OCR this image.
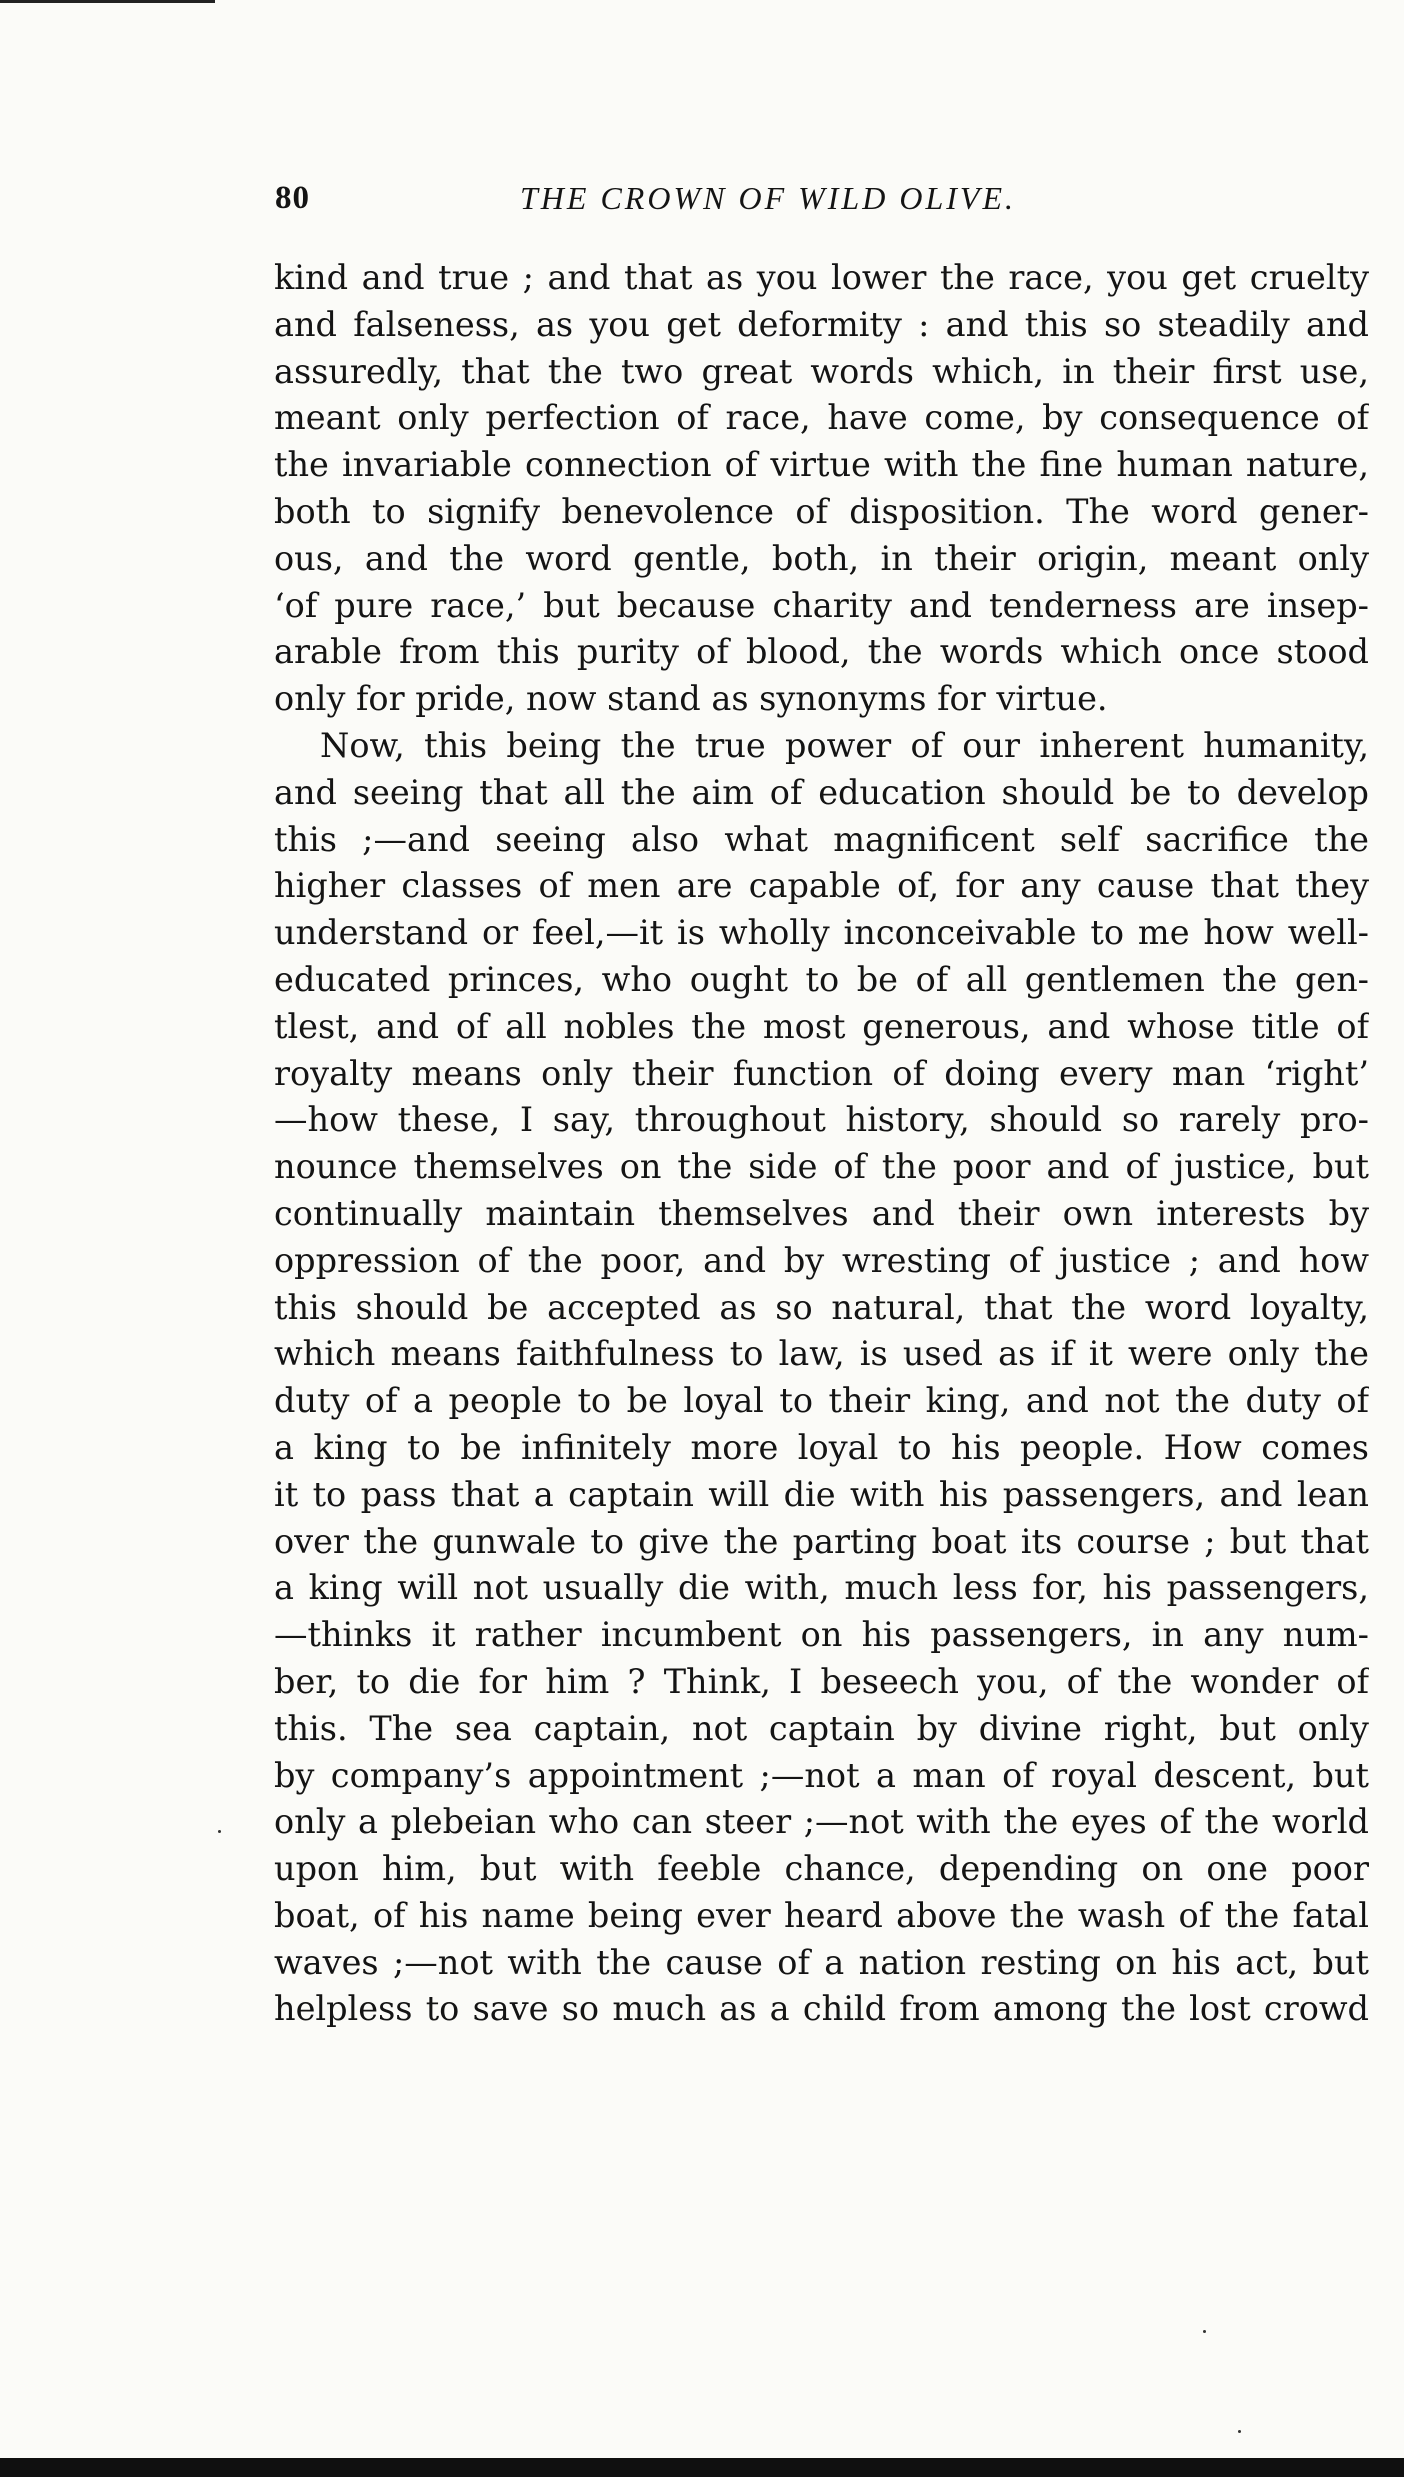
80	THE CROWN OF WILD OLIVE.
kind and true ; and that as you lower the race, you get cruelty
and falseness, as you get deformity : and this so steadily and
assuredly, that the two great words which, in their first use,
meant only perfection of race, have come, by consequence of
the invariable connection of virtue with the fine human nature,
both to signify benevolence of disposition. The word gener-
ous, and the word gentle, both, in their origin, meant only
‘of pure race,’ but because charity and tenderness are insep-
arable from this purity of blood, the words which once stood
only for pride, now stand as synonyms for virtue.
Now, this being the true power of our inherent humanity,
and seeing that all the aim of education should be to develop
this ;—and seeing also what magnificent self sacrifice the
higher classes of men are capable of, for any cause that they
understand or feel,—it is wholly inconceivable to me how well-
educated princes, who ought to be of all gentlemen the gen-
tlest, and of all nobles the most generous, and whose title of
royalty means only their function of doing every man ‘right’
—how these, I say, throughout history, should so rarely pro-
nounce themselves on the side of the poor and of justice, but
continually maintain themselves and their own interests by
oppression of the poor, and by wresting of justice ; and how
this should be accepted as so natural, that the word loyalty,
which means faithfulness to law, is used as if it were only the
duty of a people to be loyal to their king, and not the duty of
a king to be infinitely more loyal to his people. How comes
it to pass that a captain will die with his passengers, and lean
over the gunwale to give the parting boat its course ; but that
a king will not usually die with, much less for, his passengers,
—thinks it rather incumbent on his passengers, in any num-
ber, to die for him ? Think, I beseech you, of the wonder of
this. The sea captain, not captain by divine right, but only
by company’s appointment ;—not a man of royal descent, but
only a plebeian who can steer ;—not with the eyes of the world
upon him, but with feeble chance, depending on one poor
boat, of his name being ever heard above the wash of the fatal
waves ;—not with the cause of a nation resting on his act, but
helpless to save so much as a child from among the lost crowd
